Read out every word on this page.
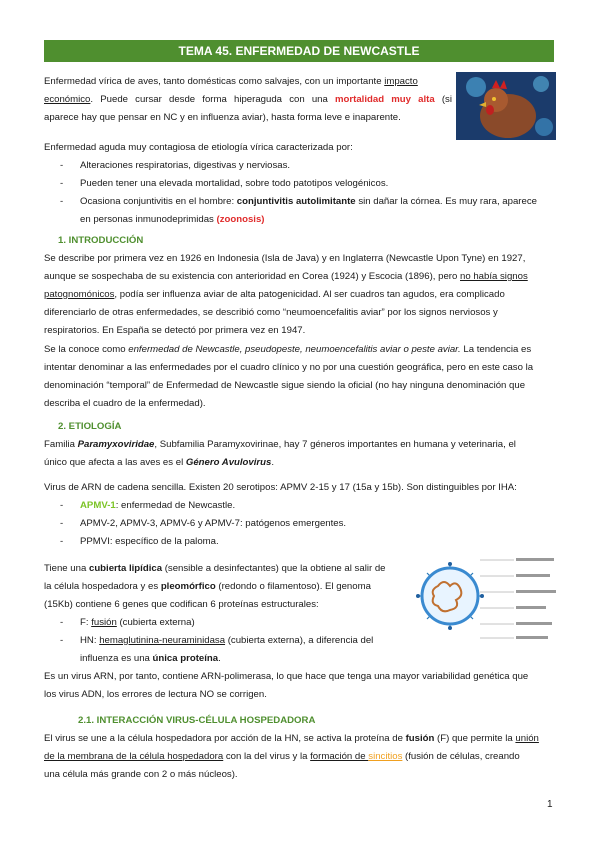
TEMA 45. ENFERMEDAD DE NEWCASTLE
Enfermedad vírica de aves, tanto domésticas como salvajes, con un importante impacto
económico. Puede cursar desde forma hiperaguda con una mortalidad muy alta (si
aparece hay que pensar en NC y en influenza aviar), hasta forma leve e inaparente.
Enfermedad aguda muy contagiosa de etiología vírica caracterizada por:
- Alteraciones respiratorias, digestivas y nerviosas.
- Pueden tener una elevada mortalidad, sobre todo patotipos velogénicos.
- Ocasiona conjuntivitis en el hombre: conjuntivitis autolimitante sin dañar la córnea. Es muy rara, aparece
en personas inmunodeprimidas (zoonosis)
1. INTRODUCCIÓN
Se describe por primera vez en 1926 en Indonesia (Isla de Java) y en Inglaterra (Newcastle Upon Tyne) en 1927,
aunque se sospechaba de su existencia con anterioridad en Corea (1924) y Escocia (1896), pero no había signos
patognomónicos, podía ser influenza aviar de alta patogenicidad. Al ser cuadros tan agudos, era complicado
diferenciarlo de otras enfermedades, se describió como “neumoencefalitis aviar” por los signos nerviosos y
respiratorios. En España se detectó por primera vez en 1947.
Se la conoce como enfermedad de Newcastle, pseudopeste, neumoencefalitis aviar o peste aviar. La tendencia es
intentar denominar a las enfermedades por el cuadro clínico y no por una cuestión geográfica, pero en este caso la
denominación “temporal” de Enfermedad de Newcastle sigue siendo la oficial (no hay ninguna denominación que
describa el cuadro de la enfermedad).
2. ETIOLOGÍA
Familia Paramyxoviridae, Subfamilia Paramyxovirinae, hay 7 géneros importantes en humana y veterinaria, el
único que afecta a las aves es el Género Avulovirus.
Virus de ARN de cadena sencilla. Existen 20 serotipos: APMV 2-15 y 17 (15a y 15b). Son distinguibles por IHA:
- APMV-1: enfermedad de Newcastle.
- APMV-2, APMV-3, APMV-6 y APMV-7: patógenos emergentes.
- PPMVI: específico de la paloma.
Tiene una cubierta lipídica (sensible a desinfectantes) que la obtiene al salir de
la célula hospedadora y es pleomórfico (redondo o filamentoso). El genoma
(15Kb) contiene 6 genes que codifican 6 proteínas estructurales:
- F: fusión (cubierta externa)
- HN: hemaglutinina-neuraminidasa (cubierta externa), a diferencia del
influenza es una única proteína.
Es un virus ARN, por tanto, contiene ARN-polimerasa, lo que hace que tenga una mayor variabilidad genética que
los virus ADN, los errores de lectura NO se corrigen.
2.1. INTERACCIÓN VIRUS-CÉLULA HOSPEDADORA
El virus se une a la célula hospedadora por acción de la HN, se activa la proteína de fusión (F) que permite la unión
de la membrana de la célula hospedadora con la del virus y la formación de sincitios (fusión de células, creando
una célula más grande con 2 o más núcleos).
1
